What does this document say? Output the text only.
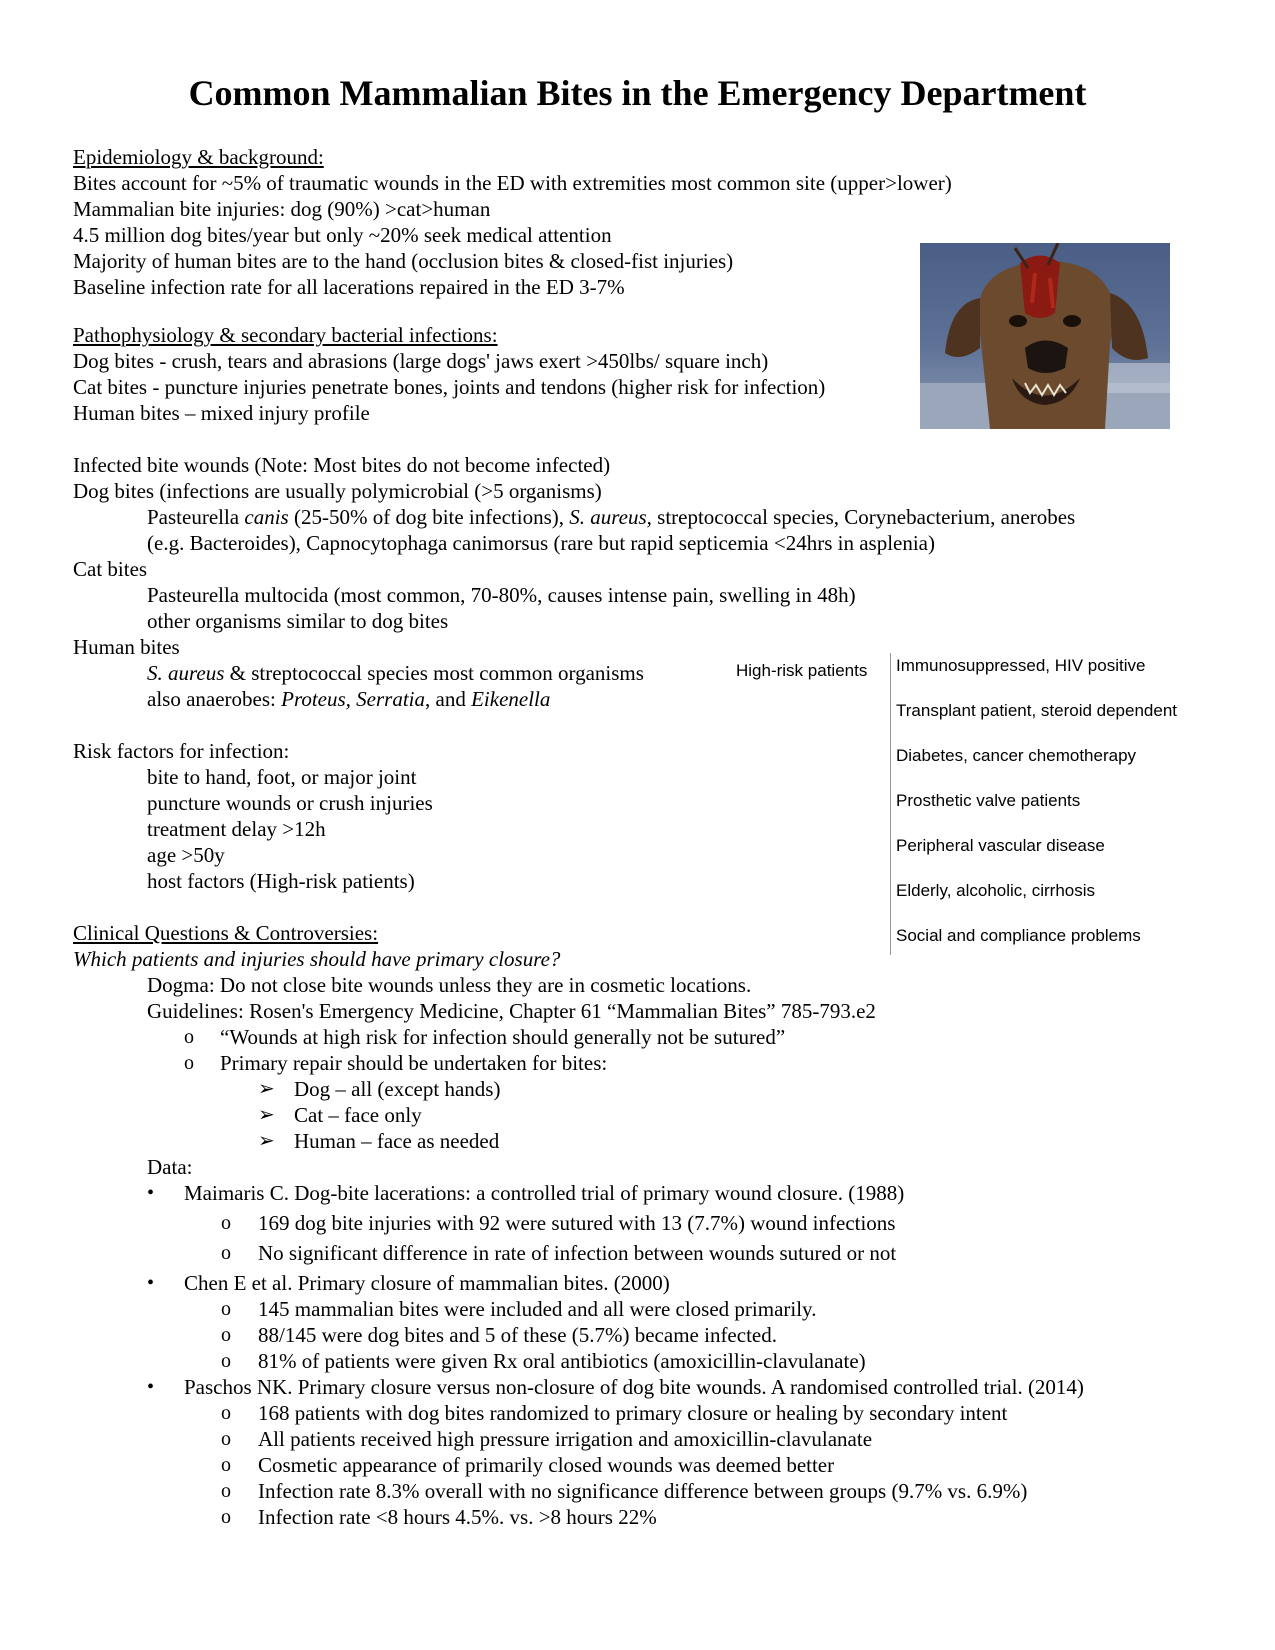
Common Mammalian Bites in the Emergency Department
Epidemiology & background:
Bites account for ~5% of traumatic wounds in the ED with extremities most common site (upper>lower)
Mammalian bite injuries: dog (90%) >cat>human
4.5 million dog bites/year but only ~20% seek medical attention
Majority of human bites are to the hand (occlusion bites & closed-fist injuries)
Baseline infection rate for all lacerations repaired in the ED 3-7%
Pathophysiology & secondary bacterial infections:
Dog bites - crush, tears and abrasions (large dogs' jaws exert >450lbs/ square inch)
Cat bites - puncture injuries penetrate bones, joints and tendons (higher risk for infection)
Human bites – mixed injury profile
Infected bite wounds (Note: Most bites do not become infected)
Dog bites (infections are usually polymicrobial (>5 organisms)
Pasteurella canis (25-50% of dog bite infections), S. aureus, streptococcal species, Corynebacterium, anerobes
(e.g. Bacteroides), Capnocytophaga canimorsus (rare but rapid septicemia <24hrs in asplenia)
Cat bites
Pasteurella multocida (most common, 70-80%, causes intense pain, swelling in 48h)
other organisms similar to dog bites
Human bites
S. aureus & streptococcal species most common organisms
also anaerobes: Proteus, Serratia, and Eikenella
High-risk patients Immunosuppressed, HIV positive
Transplant patient, steroid dependent
Diabetes, cancer chemotherapy
Prosthetic valve patients
Peripheral vascular disease
Elderly, alcoholic, cirrhosis
Social and compliance problems
Risk factors for infection:
bite to hand, foot, or major joint
puncture wounds or crush injuries
treatment delay >12h
age >50y
host factors (High-risk patients)
Clinical Questions & Controversies:
Which patients and injuries should have primary closure?
Dogma: Do not close bite wounds unless they are in cosmetic locations.
Guidelines: Rosen's Emergency Medicine, Chapter 61 “Mammalian Bites” 785-793.e2
o “Wounds at high risk for infection should generally not be sutured”
o Primary repair should be undertaken for bites:
➢ Dog – all (except hands)
➢ Cat – face only
➢ Human – face as needed
Data:
• Maimaris C. Dog-bite lacerations: a controlled trial of primary wound closure. (1988)
o 169 dog bite injuries with 92 were sutured with 13 (7.7%) wound infections
o No significant difference in rate of infection between wounds sutured or not
• Chen E et al. Primary closure of mammalian bites. (2000)
o 145 mammalian bites were included and all were closed primarily.
o 88/145 were dog bites and 5 of these (5.7%) became infected.
o 81% of patients were given Rx oral antibiotics (amoxicillin-clavulanate)
• Paschos NK. Primary closure versus non-closure of dog bite wounds. A randomised controlled trial. (2014)
o 168 patients with dog bites randomized to primary closure or healing by secondary intent
o All patients received high pressure irrigation and amoxicillin-clavulanate
o Cosmetic appearance of primarily closed wounds was deemed better
o Infection rate 8.3% overall with no significance difference between groups (9.7% vs. 6.9%)
o Infection rate <8 hours 4.5%. vs. >8 hours 22%
